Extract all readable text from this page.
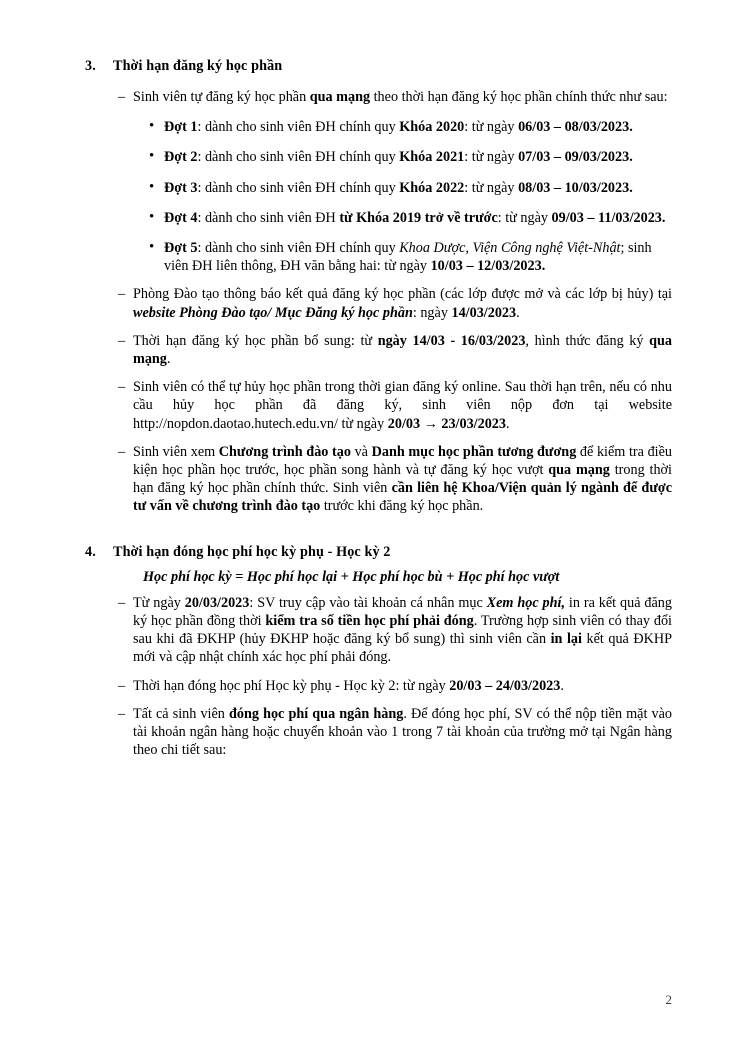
3. Thời hạn đăng ký học phần
– Sinh viên tự đăng ký học phần qua mạng theo thời hạn đăng ký học phần chính thức như sau:
• Đợt 1: dành cho sinh viên ĐH chính quy Khóa 2020: từ ngày 06/03 – 08/03/2023.
• Đợt 2: dành cho sinh viên ĐH chính quy Khóa 2021: từ ngày 07/03 – 09/03/2023.
• Đợt 3: dành cho sinh viên ĐH chính quy Khóa 2022: từ ngày 08/03 – 10/03/2023.
• Đợt 4: dành cho sinh viên ĐH từ Khóa 2019 trở về trước: từ ngày 09/03 – 11/03/2023.
• Đợt 5: dành cho sinh viên ĐH chính quy Khoa Dược, Viện Công nghệ Việt-Nhật; sinh viên ĐH liên thông, ĐH văn bằng hai: từ ngày 10/03 – 12/03/2023.
– Phòng Đào tạo thông báo kết quả đăng ký học phần (các lớp được mở và các lớp bị hủy) tại website Phòng Đào tạo/ Mục Đăng ký học phần: ngày 14/03/2023.
– Thời hạn đăng ký học phần bổ sung: từ ngày 14/03 - 16/03/2023, hình thức đăng ký qua mạng.
– Sinh viên có thể tự hủy học phần trong thời gian đăng ký online. Sau thời hạn trên, nếu có nhu cầu hủy học phần đã đăng ký, sinh viên nộp đơn tại website http://nopdon.daotao.hutech.edu.vn/ từ ngày 20/03 → 23/03/2023.
– Sinh viên xem Chương trình đào tạo và Danh mục học phần tương đương để kiểm tra điều kiện học phần học trước, học phần song hành và tự đăng ký học vượt qua mạng trong thời hạn đăng ký học phần chính thức. Sinh viên cần liên hệ Khoa/Viện quản lý ngành để được tư vấn về chương trình đào tạo trước khi đăng ký học phần.
4. Thời hạn đóng học phí học kỳ phụ - Học kỳ 2
Học phí học kỳ = Học phí học lại + Học phí học bù + Học phí học vượt
– Từ ngày 20/03/2023: SV truy cập vào tài khoản cá nhân mục Xem học phí, in ra kết quả đăng ký học phần đồng thời kiểm tra số tiền học phí phải đóng. Trường hợp sinh viên có thay đổi sau khi đã ĐKHP (hủy ĐKHP hoặc đăng ký bổ sung) thì sinh viên cần in lại kết quả ĐKHP mới và cập nhật chính xác học phí phải đóng.
– Thời hạn đóng học phí Học kỳ phụ - Học kỳ 2: từ ngày 20/03 – 24/03/2023.
– Tất cả sinh viên đóng học phí qua ngân hàng. Để đóng học phí, SV có thể nộp tiền mặt vào tài khoản ngân hàng hoặc chuyển khoản vào 1 trong 7 tài khoản của trường mở tại Ngân hàng theo chi tiết sau:
2
